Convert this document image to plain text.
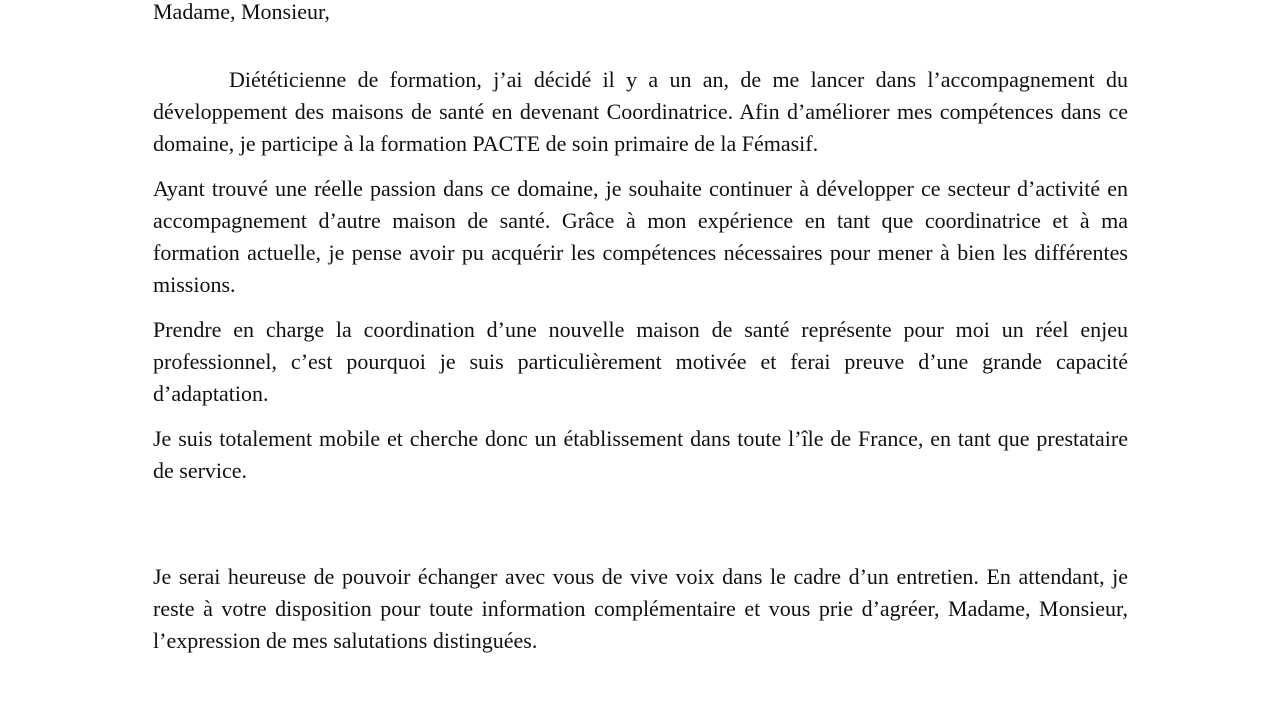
Madame, Monsieur,

Diététicienne de formation, j’ai décidé il y a un an, de me lancer dans l’accompagnement du développement des maisons de santé en devenant Coordinatrice. Afin d’améliorer mes compétences dans ce domaine, je participe à la formation PACTE de soin primaire de la Fémasif.

Ayant trouvé une réelle passion dans ce domaine, je souhaite continuer à développer ce secteur d’activité en accompagnement d’autre maison de santé. Grâce à mon expérience en tant que coordinatrice et à ma formation actuelle, je pense avoir pu acquérir les compétences nécessaires pour mener à bien les différentes missions.

Prendre en charge la coordination d’une nouvelle maison de santé représente pour moi un réel enjeu professionnel, c’est pourquoi je suis particulièrement motivée et ferai preuve d’une grande capacité d’adaptation.

Je suis totalement mobile et cherche donc un établissement dans toute l’île de France, en tant que prestataire de service.

Je serai heureuse de pouvoir échanger avec vous de vive voix dans le cadre d’un entretien. En attendant, je reste à votre disposition pour toute information complémentaire et vous prie d’agréer, Madame, Monsieur, l’expression de mes salutations distinguées.
